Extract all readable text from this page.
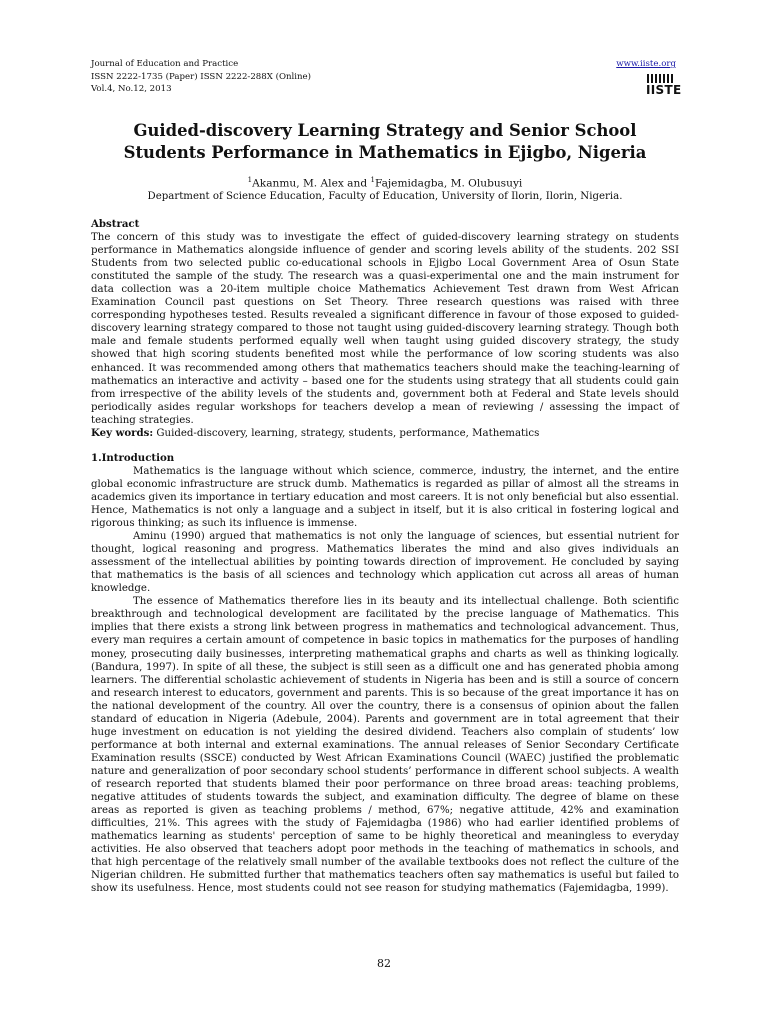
Journal of Education and Practice
ISSN 2222-1735 (Paper) ISSN 2222-288X (Online)
Vol.4, No.12, 2013
www.iiste.org
IISTE
Guided-discovery Learning Strategy and Senior School Students Performance in Mathematics in Ejigbo, Nigeria
$^1$Akanmu, M. Alex and $^1$Fajemidagba, M. Olubusuyi
Department of Science Education, Faculty of Education, University of Ilorin, Ilorin, Nigeria.

Abstract

The concern of this study was to investigate the effect of guided-discovery learning strategy on students performance in Mathematics alongside influence of gender and scoring levels ability of the students. 202 SSI Students from two selected public co-educational schools in Ejigbo Local Government Area of Osun State constituted the sample of the study. The research was a quasi-experimental one and the main instrument for data collection was a 20-item multiple choice Mathematics Achievement Test drawn from West African Examination Council past questions on Set Theory. Three research questions was raised with three corresponding hypotheses tested. Results revealed a significant difference in favour of those exposed to guided-discovery learning strategy compared to those not taught using guided-discovery learning strategy. Though both male and female students performed equally well when taught using guided discovery strategy, the study showed that high scoring students benefited most while the performance of low scoring students was also enhanced. It was recommended among others that mathematics teachers should make the teaching-learning of mathematics an interactive and activity – based one for the students using strategy that all students could gain from irrespective of the ability levels of the students and, government both at Federal and State levels should periodically asides regular workshops for teachers develop a mean of reviewing / assessing the impact of teaching strategies.

Key words: Guided-discovery, learning, strategy, students, performance, Mathematics

1.Introduction

Mathematics is the language without which science, commerce, industry, the internet, and the entire global economic infrastructure are struck dumb. Mathematics is regarded as pillar of almost all the streams in academics given its importance in tertiary education and most careers. It is not only beneficial but also essential. Hence, Mathematics is not only a language and a subject in itself, but it is also critical in fostering logical and rigorous thinking; as such its influence is immense.

Aminu (1990) argued that mathematics is not only the language of sciences, but essential nutrient for thought, logical reasoning and progress. Mathematics liberates the mind and also gives individuals an assessment of the intellectual abilities by pointing towards direction of improvement. He concluded by saying that mathematics is the basis of all sciences and technology which application cut across all areas of human knowledge.

The essence of Mathematics therefore lies in its beauty and its intellectual challenge. Both scientific breakthrough and technological development are facilitated by the precise language of Mathematics. This implies that there exists a strong link between progress in mathematics and technological advancement. Thus, every man requires a certain amount of competence in basic topics in mathematics for the purposes of handling money, prosecuting daily businesses, interpreting mathematical graphs and charts as well as thinking logically. (Bandura, 1997). In spite of all these, the subject is still seen as a difficult one and has generated phobia among learners. The differential scholastic achievement of students in Nigeria has been and is still a source of concern and research interest to educators, government and parents. This is so because of the great importance it has on the national development of the country. All over the country, there is a consensus of opinion about the fallen standard of education in Nigeria (Adebule, 2004). Parents and government are in total agreement that their huge investment on education is not yielding the desired dividend. Teachers also complain of students’ low performance at both internal and external examinations. The annual releases of Senior Secondary Certificate Examination results (SSCE) conducted by West African Examinations Council (WAEC) justified the problematic nature and generalization of poor secondary school students’ performance in different school subjects. A wealth of research reported that students blamed their poor performance on three broad areas: teaching problems, negative attitudes of students towards the subject, and examination difficulty. The degree of blame on these areas as reported is given as teaching problems / method, 67%; negative attitude, 42% and examination difficulties, 21%. This agrees with the study of Fajemidagba (1986) who had earlier identified problems of mathematics learning as students' perception of same to be highly theoretical and meaningless to everyday activities. He also observed that teachers adopt poor methods in the teaching of mathematics in schools, and that high percentage of the relatively small number of the available textbooks does not reflect the culture of the Nigerian children. He submitted further that mathematics teachers often say mathematics is useful but failed to show its usefulness. Hence, most students could not see reason for studying mathematics (Fajemidagba, 1999).

82
